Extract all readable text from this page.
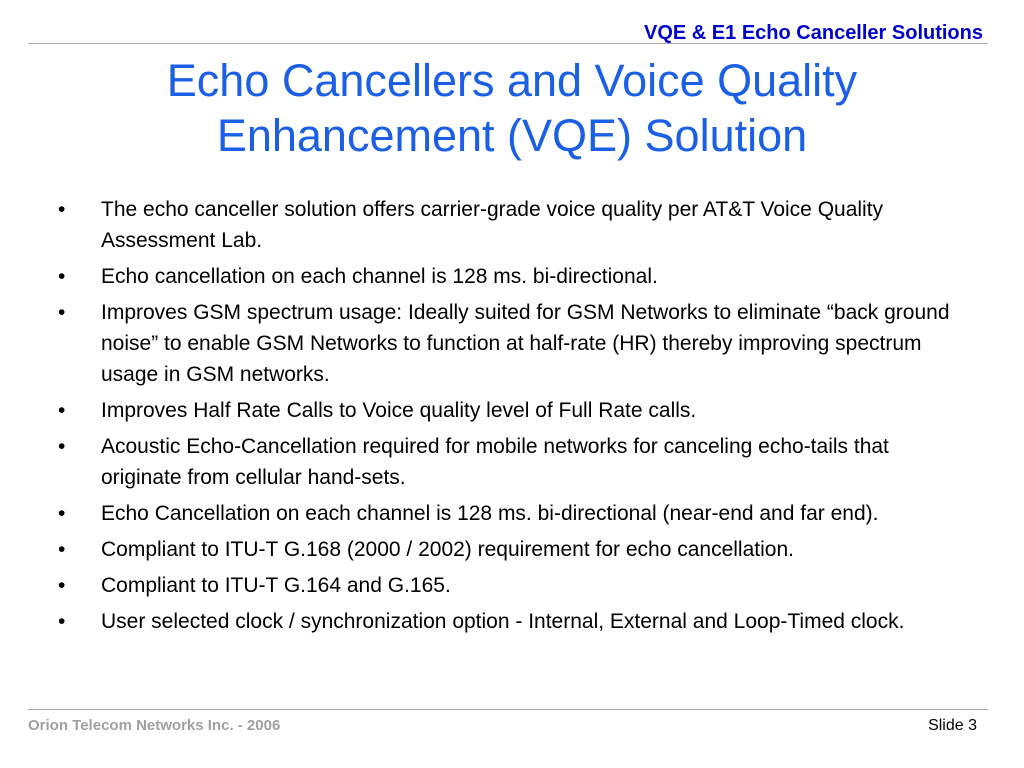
VQE & E1 Echo Canceller Solutions
Echo Cancellers and Voice Quality
Enhancement (VQE) Solution
• The echo canceller solution offers carrier-grade voice quality per AT&T Voice Quality Assessment Lab.
• Echo cancellation on each channel is 128 ms. bi-directional.
• Improves GSM spectrum usage: Ideally suited for GSM Networks to eliminate “back ground noise” to enable GSM Networks to function at half-rate (HR) thereby improving spectrum usage in GSM networks.
• Improves Half Rate Calls to Voice quality level of Full Rate calls.
• Acoustic Echo-Cancellation required for mobile networks for canceling echo-tails that originate from cellular hand-sets.
• Echo Cancellation on each channel is 128 ms. bi-directional (near-end and far end).
• Compliant to ITU-T G.168 (2000 / 2002) requirement for echo cancellation.
• Compliant to ITU-T G.164 and G.165.
• User selected clock / synchronization option - Internal, External and Loop-Timed clock.
Orion Telecom Networks Inc. - 2006	Slide 3
